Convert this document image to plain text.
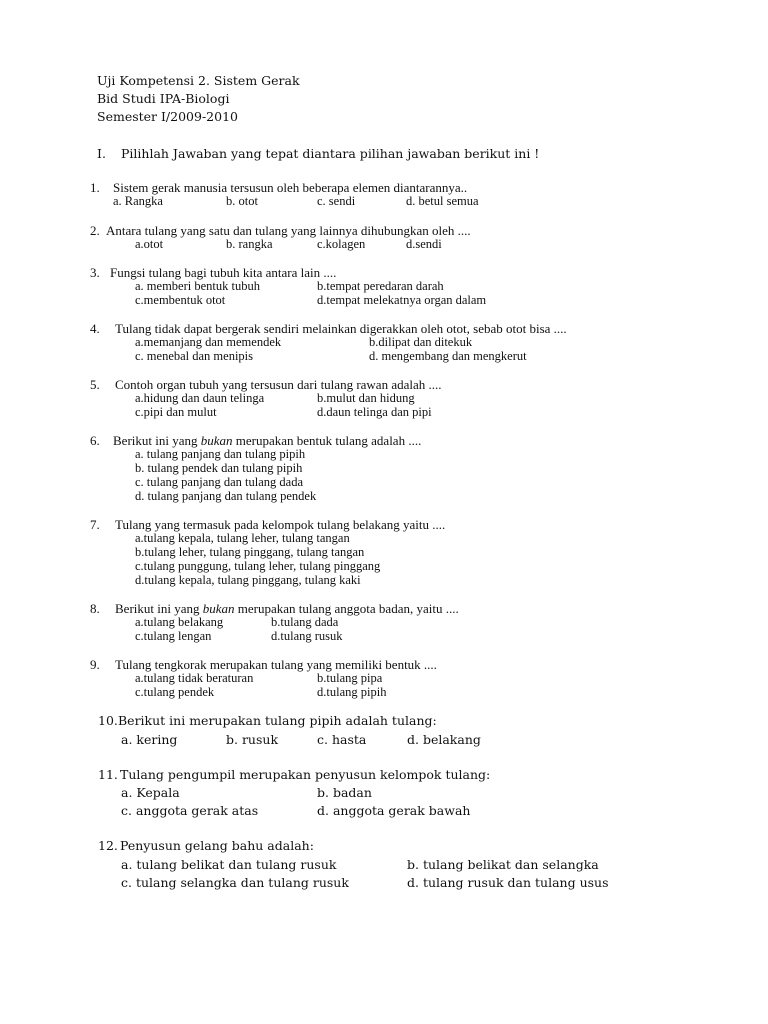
Uji Kompetensi 2. Sistem Gerak
Bid Studi IPA-Biologi
Semester I/2009-2010
I. Pilihlah Jawaban yang tepat diantara pilihan jawaban berikut ini !
1. Sistem gerak manusia tersusun oleh beberapa elemen diantarannya..
a. Rangka	b. otot	c. sendi	d. betul semua
2. Antara tulang yang satu dan tulang yang lainnya dihubungkan oleh ....
a.otot	b. rangka	c.kolagen	d.sendi
3. Fungsi tulang bagi tubuh kita antara lain ....
a. memberi bentuk tubuh	b.tempat peredaran darah
c.membentuk otot	d.tempat melekatnya organ dalam
4. Tulang tidak dapat bergerak sendiri melainkan digerakkan oleh otot, sebab otot bisa ....
a.memanjang dan memendek	b.dilipat dan ditekuk
c. menebal dan menipis	d. mengembang dan mengkerut
5. Contoh organ tubuh yang tersusun dari tulang rawan adalah ....
a.hidung dan daun telinga	b.mulut dan hidung
c.pipi dan mulut	d.daun telinga dan pipi
6. Berikut ini yang bukan merupakan bentuk tulang adalah ....
a. tulang panjang dan tulang pipih
b. tulang pendek dan tulang pipih
c. tulang panjang dan tulang dada
d. tulang panjang dan tulang pendek
7. Tulang yang termasuk pada kelompok tulang belakang yaitu ....
a.tulang kepala, tulang leher, tulang tangan
b.tulang leher, tulang pinggang, tulang tangan
c.tulang punggung, tulang leher, tulang pinggang
d.tulang kepala, tulang pinggang, tulang kaki
8. Berikut ini yang bukan merupakan tulang anggota badan, yaitu ....
a.tulang belakang	b.tulang dada
c.tulang lengan	d.tulang rusuk
9. Tulang tengkorak merupakan tulang yang memiliki bentuk ....
a.tulang tidak beraturan	b.tulang pipa
c.tulang pendek	d.tulang pipih
10. Berikut ini merupakan tulang pipih adalah tulang:
a. kering	b. rusuk	c. hasta	d. belakang
11. Tulang pengumpil merupakan penyusun kelompok tulang:
a. Kepala	b. badan
c. anggota gerak atas	d. anggota gerak bawah
12. Penyusun gelang bahu adalah:
a. tulang belikat dan tulang rusuk	b. tulang belikat dan selangka
c. tulang selangka dan tulang rusuk	d. tulang rusuk dan tulang usus
